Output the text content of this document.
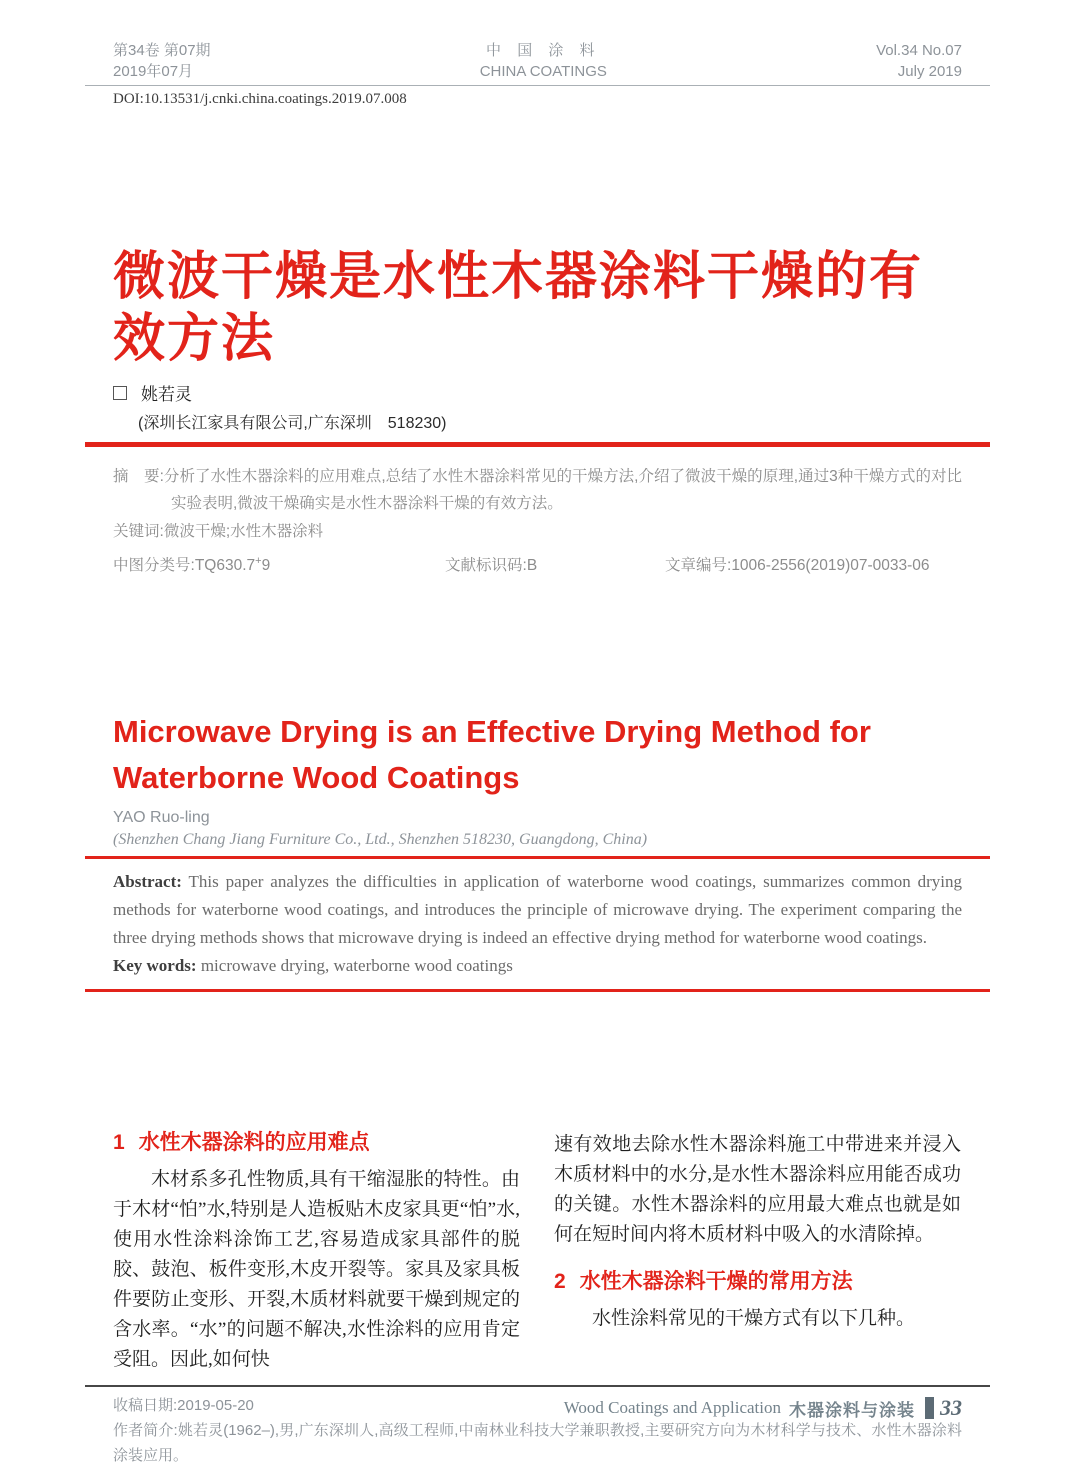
第34卷 第07期
2019年07月
中 国 涂 料
CHINA COATINGS
Vol.34 No.07
July 2019
DOI:10.13531/j.cnki.china.coatings.2019.07.008
微波干燥是水性木器涂料干燥的有效方法
姚若灵
(深圳长江家具有限公司,广东深圳　518230)
摘　要:分析了水性木器涂料的应用难点,总结了水性木器涂料常见的干燥方法,介绍了微波干燥的原理,通过3种干燥方式的对比实验表明,微波干燥确实是水性木器涂料干燥的有效方法。
关键词:微波干燥;水性木器涂料
中图分类号:TQ630.7+9	文献标识码:B	文章编号:1006-2556(2019)07-0033-06
Microwave Drying is an Effective Drying Method for Waterborne Wood Coatings
YAO Ruo-ling
(Shenzhen Chang Jiang Furniture Co., Ltd., Shenzhen 518230, Guangdong, China)
Abstract: This paper analyzes the difficulties in application of waterborne wood coatings, summarizes common drying methods for waterborne wood coatings, and introduces the principle of microwave drying. The experiment comparing the three drying methods shows that microwave drying is indeed an effective drying method for waterborne wood coatings.
Key words: microwave drying, waterborne wood coatings
1 水性木器涂料的应用难点

木材系多孔性物质,具有干缩湿胀的特性。由于木材“怕”水,特别是人造板贴木皮家具更“怕”水,使用水性涂料涂饰工艺,容易造成家具部件的脱胶、鼓泡、板件变形,木皮开裂等。家具及家具板件要防止变形、开裂,木质材料就要干燥到规定的含水率。“水”的问题不解决,水性涂料的应用肯定受阻。因此,如何快

速有效地去除水性木器涂料施工中带进来并浸入木质材料中的水分,是水性木器涂料应用能否成功的关键。水性木器涂料的应用最大难点也就是如何在短时间内将木质材料中吸入的水清除掉。

2 水性木器涂料干燥的常用方法

水性涂料常见的干燥方式有以下几种。

收稿日期:2019-05-20
作者简介:姚若灵(1962–),男,广东深圳人,高级工程师,中南林业科技大学兼职教授,主要研究方向为木材科学与技术、水性木器涂料涂装应用。
Wood Coatings and Application 木器涂料与涂装 33
